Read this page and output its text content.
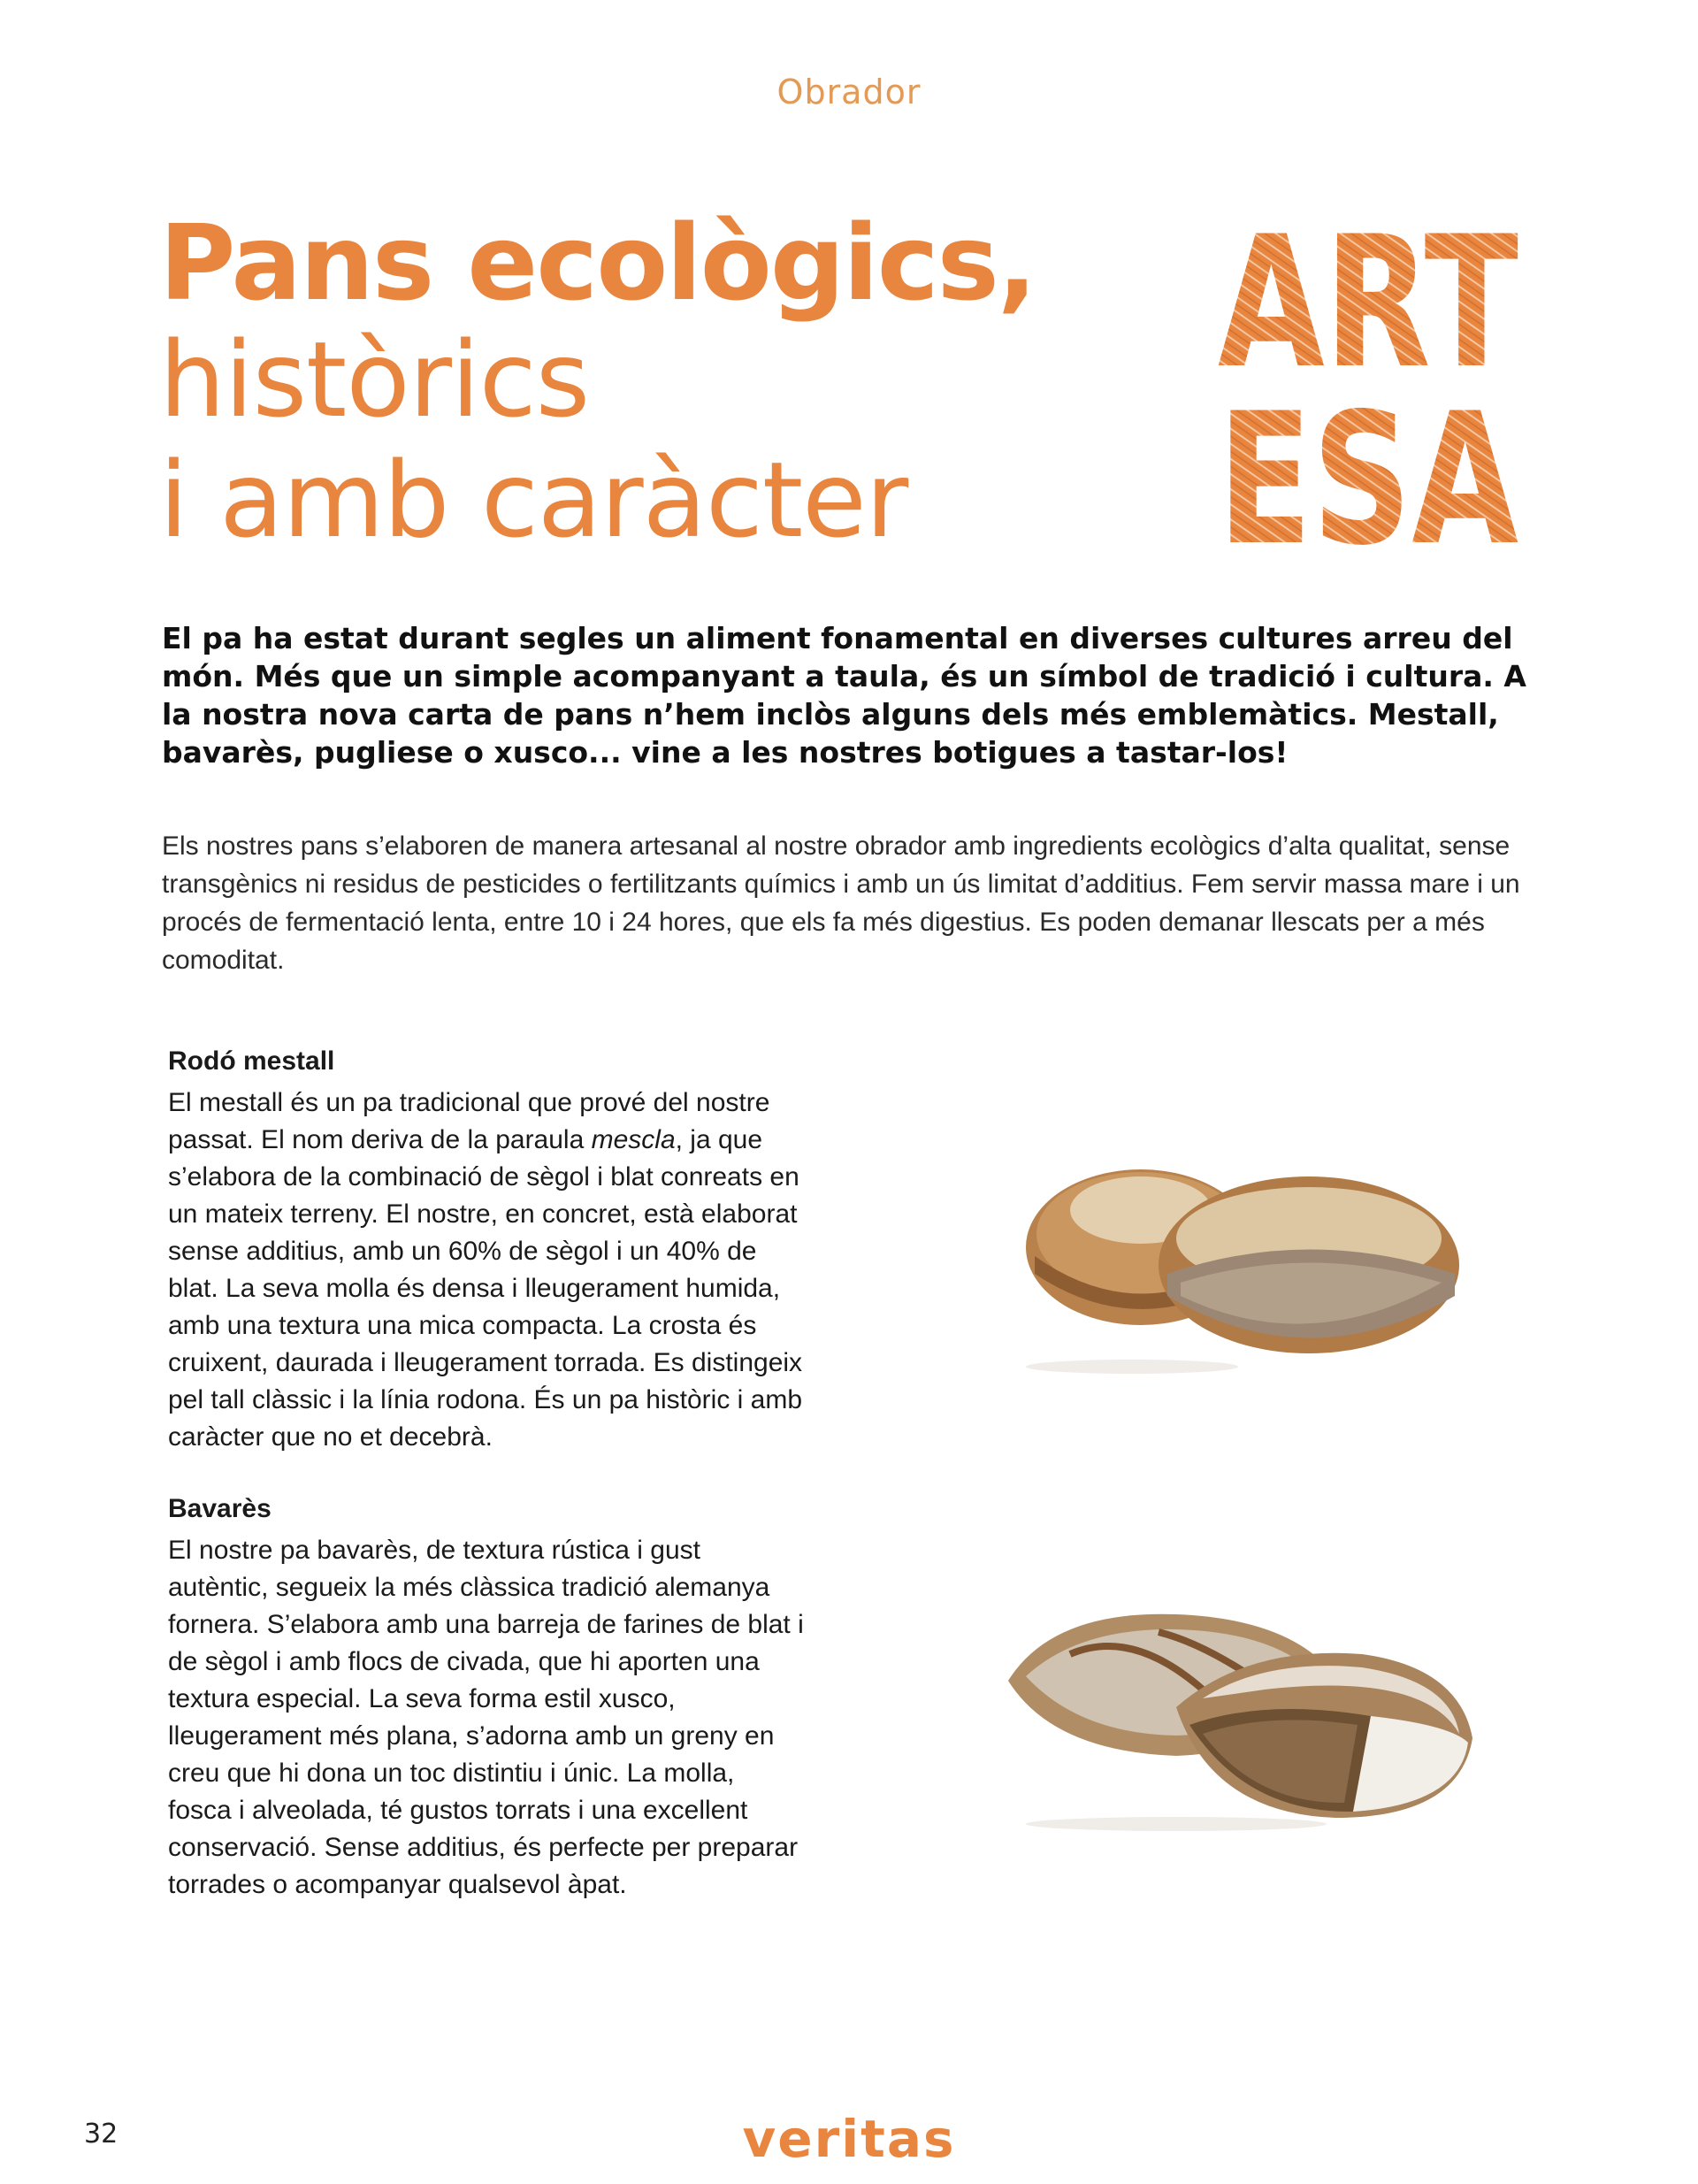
Obrador
Pans ecològics,
històrics
i amb caràcter
ART
ESA
El pa ha estat durant segles un aliment fonamental en diverses cultures arreu del món. Més que un simple acompanyant a taula, és un símbol de tradició i cultura. A la nostra nova carta de pans n’hem inclòs alguns dels més emblemàtics. Mestall, bavarès, pugliese o xusco... vine a les nostres botigues a tastar-los!
Els nostres pans s’elaboren de manera artesanal al nostre obrador amb ingredients ecològics d’alta qualitat, sense transgènics ni residus de pesticides o fertilitzants químics i amb un ús limitat d’additius. Fem servir massa mare i un procés de fermentació lenta, entre 10 i 24 hores, que els fa més digestius. Es poden demanar llescats per a més comoditat.
Rodó mestall

El mestall és un pa tradicional que prové del nostre passat. El nom deriva de la paraula mescla, ja que s’elabora de la combinació de sègol i blat conreats en un mateix terreny. El nostre, en concret, està elaborat sense additius, amb un 60% de sègol i un 40% de blat. La seva molla és densa i lleugerament humida, amb una textura una mica compacta. La crosta és cruixent, daurada i lleugerament torrada. Es distingeix pel tall clàssic i la línia rodona. És un pa històric i amb caràcter que no et decebrà.

Bavarès

El nostre pa bavarès, de textura rústica i gust autèntic, segueix la més clàssica tradició alemanya fornera. S’elabora amb una barreja de farines de blat i de sègol i amb flocs de civada, que hi aporten una textura especial. La seva forma estil xusco, lleugerament més plana, s’adorna amb un greny en creu que hi dona un toc distintiu i únic. La molla, fosca i alveolada, té gustos torrats i una excellent conservació. Sense additius, és perfecte per preparar torrades o acompanyar qualsevol àpat.

32	veritas
